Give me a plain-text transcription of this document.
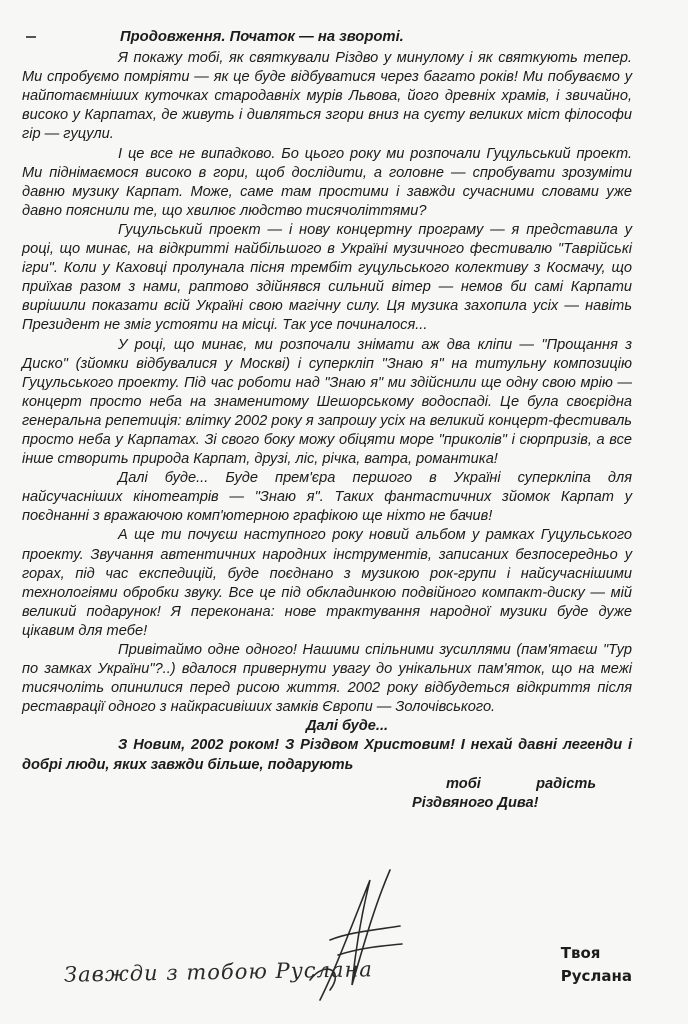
Продовження. Початок — на звороті.

Я покажу тобі, як святкували Різдво у минулому і як святкують тепер. Ми спробуємо помріяти — як це буде відбуватися через багато років! Ми побуваємо у найпотаємніших куточках стародавніх мурів Львова, його древніх храмів, і звичайно, високо у Карпатах, де живуть і дивляться згори вниз на суєту великих міст філософи гір — гуцули.

І це все не випадково. Бо цього року ми розпочали Гуцульський проект. Ми піднімаємося високо в гори, щоб дослідити, а головне — спробувати зрозуміти давню музику Карпат. Може, саме там простими і завжди сучасними словами уже давно пояснили те, що хвилює людство тисячоліттями?

Гуцульський проект — і нову концертну програму — я представила у році, що минає, на відкритті найбільшого в Україні музичного фестивалю "Таврійські ігри". Коли у Каховці пролунала пісня трембіт гуцульського колективу з Космачу, що приїхав разом з нами, раптово здійнявся сильний вітер — немов би самі Карпати вирішили показати всій Україні свою магічну силу. Ця музика захопила усіх — навіть Президент не зміг устояти на місці. Так усе починалося...

У році, що минає, ми розпочали знімати аж два кліпи — "Прощання з Диско" (зйомки відбувалися у Москві) і суперкліп "Знаю я" на титульну композицію Гуцульського проекту. Під час роботи над "Знаю я" ми здійснили ще одну свою мрію — концерт просто неба на знаменитому Шешорському водоспаді. Це була своєрідна генеральна репетиція: влітку 2002 року я запрошу усіх на великий концерт-фестиваль просто неба у Карпатах. Зі свого боку можу обіцяти море "приколів" і сюрпризів, а все інше створить природа Карпат, друзі, ліс, річка, ватра, романтика!

Далі буде... Буде прем'єра першого в Україні суперкліпа для найсучасніших кінотеатрів — "Знаю я". Таких фантастичних зйомок Карпат у поєднанні з вражаючою комп'ютерною графікою ще ніхто не бачив!

А ще ти почуєш наступного року новий альбом у рамках Гуцульського проекту. Звучання автентичних народних інструментів, записаних безпосередньо у горах, під час експедицій, буде поєднано з музикою рок-групи і найсучаснішими технологіями обробки звуку. Все це під обкладинкою подвійного компакт-диску — мій великий подарунок! Я переконана: нове трактування народної музики буде дуже цікавим для тебе!

Привітаймо одне одного! Нашими спільними зусиллями (пам'ятаєш "Тур по замках України"?..) вдалося привернути увагу до унікальних пам'яток, що на межі тисячоліть опинилися перед рисою життя. 2002 року відбудеться відкриття після реставрації одного з найкрасивіших замків Європи — Золочівського.

Далі буде...

З Новим, 2002 роком! З Різдвом Христовим! І нехай давні легенди і добрі люди, яких завжди більше, подарують

тобі	радість

Різдвяного Дива!

Завжди з тобою Руслана
Твоя
Руслана
